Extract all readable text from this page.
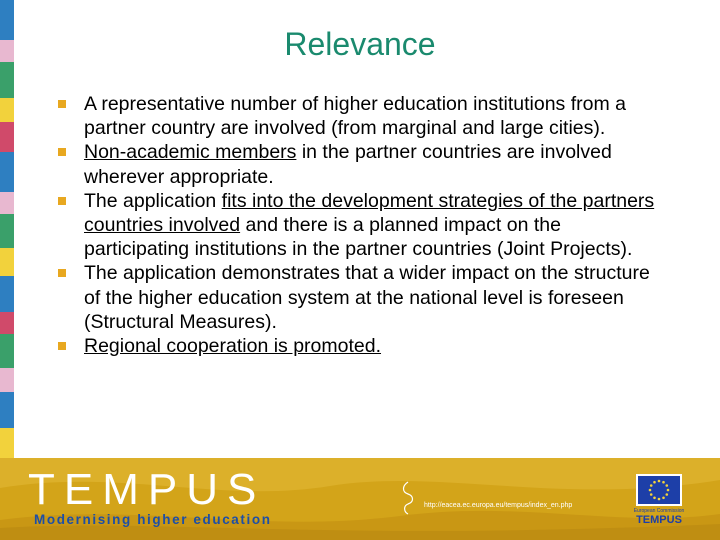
Relevance
A representative number of higher education institutions from a partner country are involved (from marginal and large cities).
Non-academic members in the partner countries are involved wherever appropriate.
The application fits into the development strategies of the partners countries involved and there is a planned impact on the participating institutions in the partner countries (Joint Projects).
The application demonstrates that a wider impact on the structure of the higher education system at the national level is foreseen (Structural Measures).
Regional cooperation is promoted.
TEMPUS
Modernising higher education
http://eacea.ec.europa.eu/tempus/index_en.php
European Commission
TEMPUS
